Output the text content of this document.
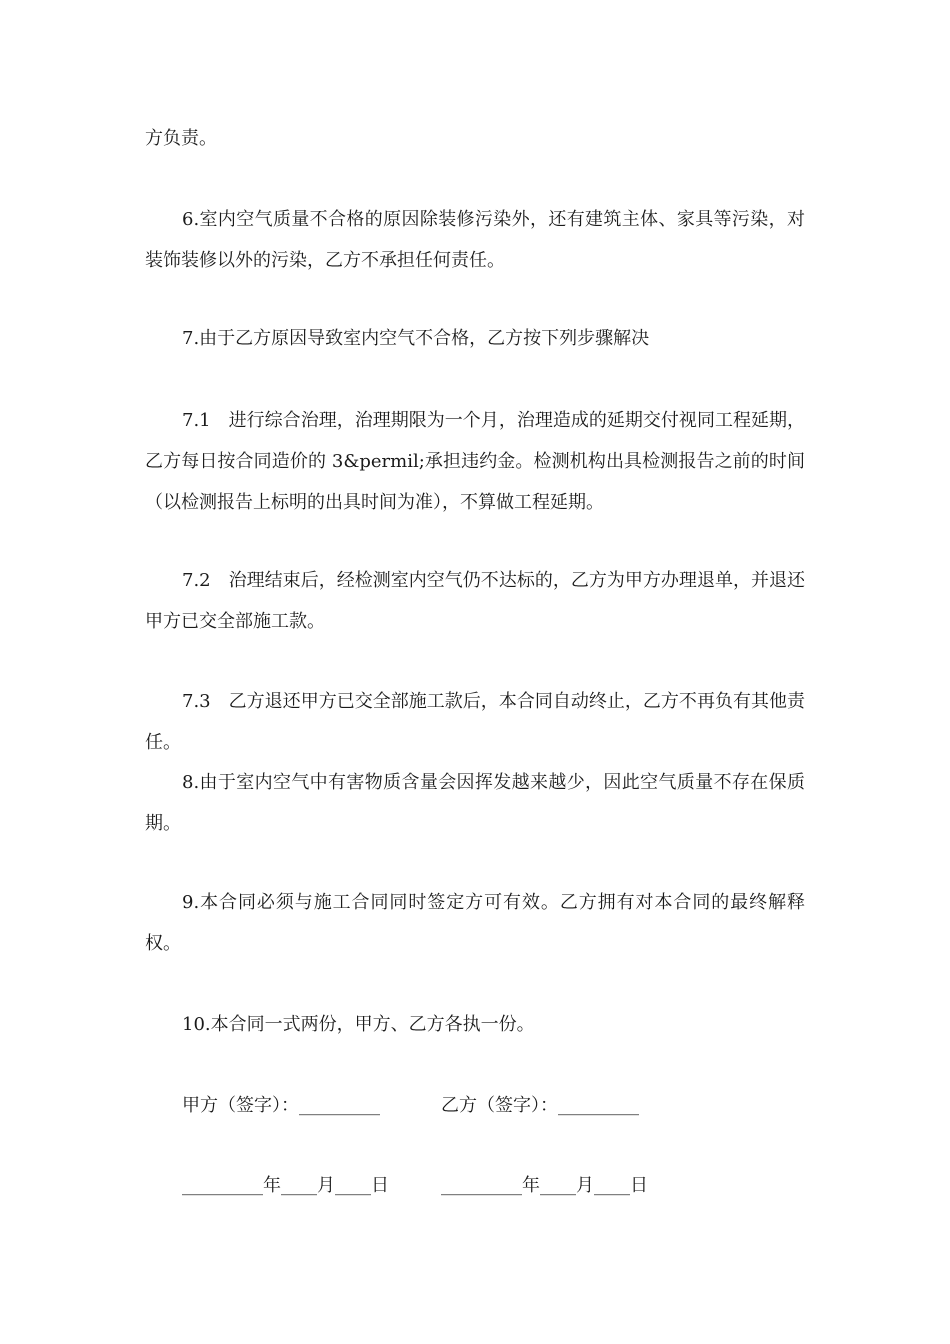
方负责。

6.室内空气质量不合格的原因除装修污染外，还有建筑主体、家具等污染，对装饰装修以外的污染，乙方不承担任何责任。

7.由于乙方原因导致室内空气不合格，乙方按下列步骤解决

7.1　进行综合治理，治理期限为一个月，治理造成的延期交付视同工程延期，乙方每日按合同造价的 3&permil;承担违约金。检测机构出具检测报告之前的时间（以检测报告上标明的出具时间为准），不算做工程延期。

7.2　治理结束后，经检测室内空气仍不达标的，乙方为甲方办理退单，并退还甲方已交全部施工款。

7.3　乙方退还甲方已交全部施工款后，本合同自动终止，乙方不再负有其他责任。

8.由于室内空气中有害物质含量会因挥发越来越少，因此空气质量不存在保质期。

9.本合同必须与施工合同同时签定方可有效。乙方拥有对本合同的最终解释权。

10.本合同一式两份，甲方、乙方各执一份。

甲方（签字）：_________	乙方（签字）：_________
_________年____月____日	_________年____月____日
